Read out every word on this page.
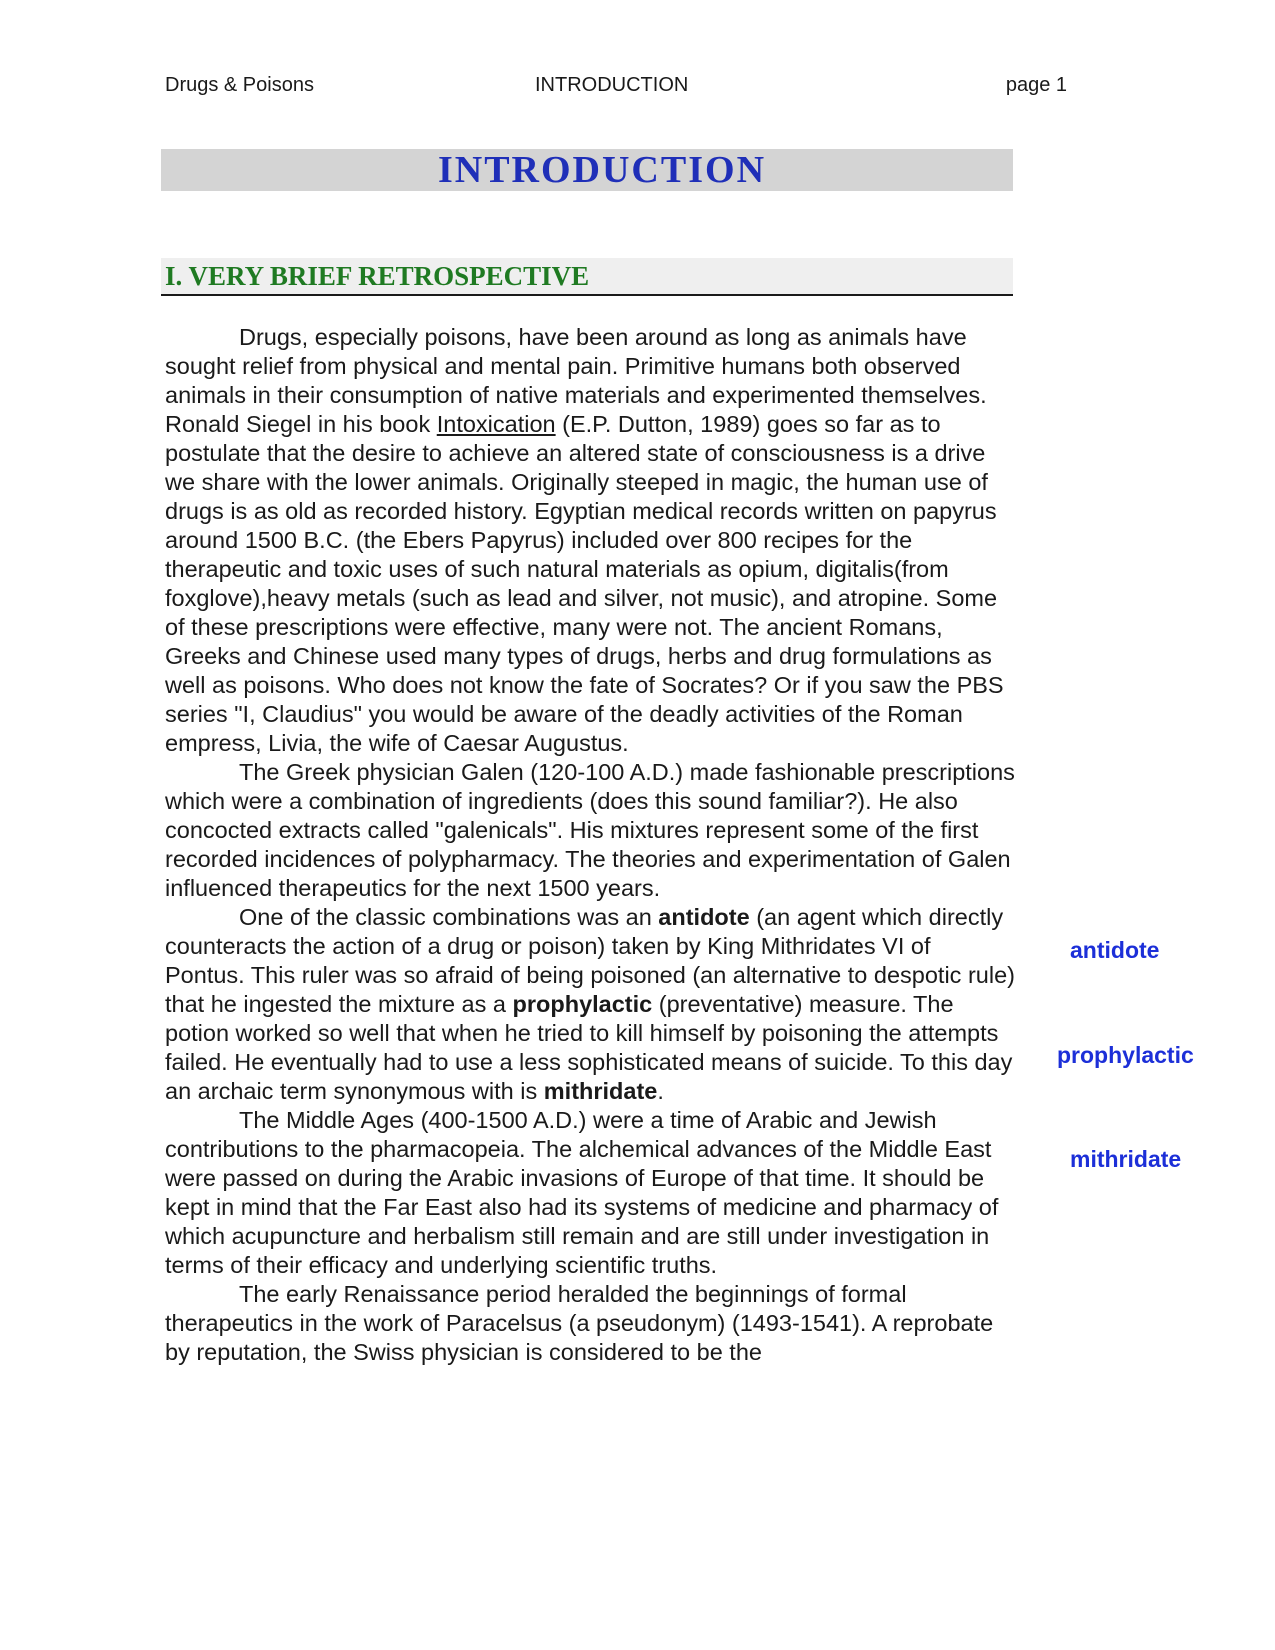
Drugs & Poisons	INTRODUCTION	page 1
INTRODUCTION
I. VERY BRIEF RETROSPECTIVE

Drugs, especially poisons, have been around as long as animals have sought relief from physical and mental pain. Primitive humans both observed animals in their consumption of native materials and experimented themselves. Ronald Siegel in his book Intoxication (E.P. Dutton, 1989) goes so far as to postulate that the desire to achieve an altered state of consciousness is a drive we share with the lower animals. Originally steeped in magic, the human use of drugs is as old as recorded history. Egyptian medical records written on papyrus around 1500 B.C. (the Ebers Papyrus) included over 800 recipes for the therapeutic and toxic uses of such natural materials as opium, digitalis(from foxglove),heavy metals (such as lead and silver, not music), and atropine. Some of these prescriptions were effective, many were not. The ancient Romans, Greeks and Chinese used many types of drugs, herbs and drug formulations as well as poisons. Who does not know the fate of Socrates? Or if you saw the PBS series "I, Claudius" you would be aware of the deadly activities of the Roman empress, Livia, the wife of Caesar Augustus.

The Greek physician Galen (120-100 A.D.) made fashionable prescriptions which were a combination of ingredients (does this sound familiar?). He also concocted extracts called "galenicals". His mixtures represent some of the first recorded incidences of polypharmacy. The theories and experimentation of Galen influenced therapeutics for the next 1500 years.

One of the classic combinations was an antidote (an agent which directly counteracts the action of a drug or poison) taken by King Mithridates VI of Pontus. This ruler was so afraid of being poisoned (an alternative to despotic rule) that he ingested the mixture as a prophylactic (preventative) measure. The potion worked so well that when he tried to kill himself by poisoning the attempts failed. He eventually had to use a less sophisticated means of suicide. To this day an archaic term synonymous with is mithridate.

The Middle Ages (400-1500 A.D.) were a time of Arabic and Jewish contributions to the pharmacopeia. The alchemical advances of the Middle East were passed on during the Arabic invasions of Europe of that time. It should be kept in mind that the Far East also had its systems of medicine and pharmacy of which acupuncture and herbalism still remain and are still under investigation in terms of their efficacy and underlying scientific truths.

The early Renaissance period heralded the beginnings of formal therapeutics in the work of Paracelsus (a pseudonym) (1493-1541). A reprobate by reputation, the Swiss physician is considered to be the

antidote
prophylactic
mithridate
